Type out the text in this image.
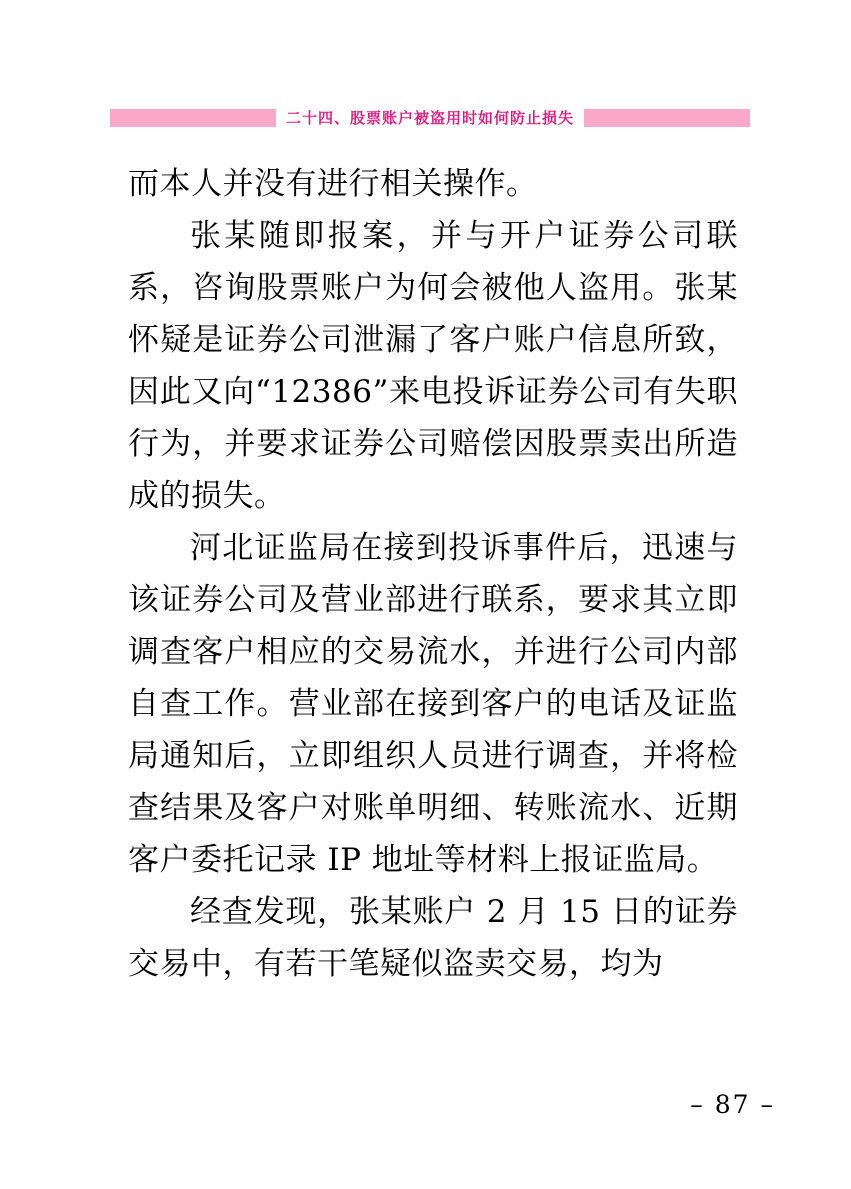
二十四、股票账户被盗用时如何防止损失

而本人并没有进行相关操作。

张某随即报案，并与开户证券公司联系，咨询股票账户为何会被他人盗用。张某怀疑是证券公司泄漏了客户账户信息所致，因此又向“12386”来电投诉证券公司有失职行为，并要求证券公司赔偿因股票卖出所造成的损失。

河北证监局在接到投诉事件后，迅速与该证券公司及营业部进行联系，要求其立即调查客户相应的交易流水，并进行公司内部自查工作。营业部在接到客户的电话及证监局通知后，立即组织人员进行调查，并将检查结果及客户对账单明细、转账流水、近期客户委托记录 IP 地址等材料上报证监局。

经查发现，张某账户 2 月 15 日的证券交易中，有若干笔疑似盗卖交易，均为

– 87 –
